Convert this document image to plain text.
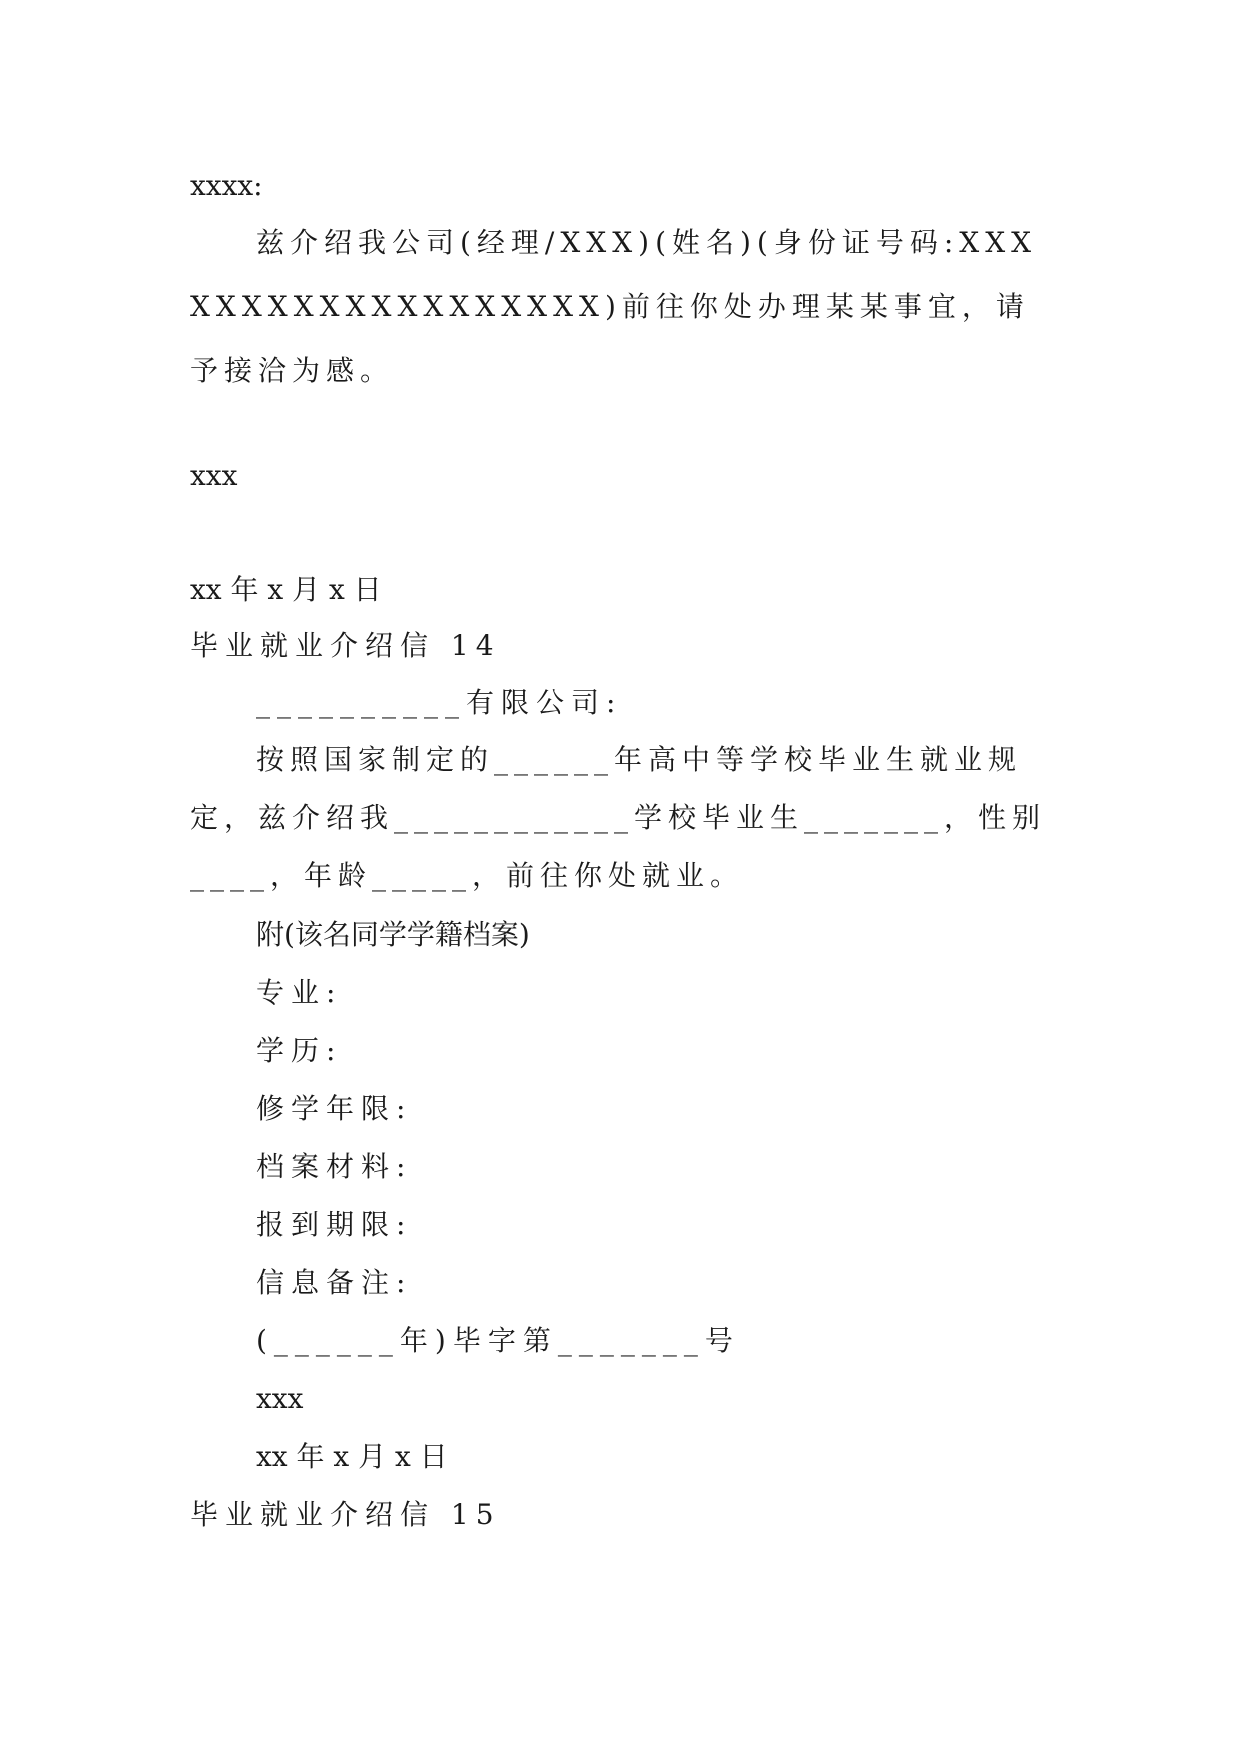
xxxx:
兹介绍我公司(经理/XXX)(姓名)(身份证号码:XXXXXXXXXXXXXXXXXXX)前往你处办理某某事宜，请予接洽为感。
xxx
xx 年 x 月 x 日
毕业就业介绍信 14
__________有限公司:
按照国家制定的______年高中等学校毕业生就业规定，兹介绍我____________学校毕业生_______，性别____，年龄_____，前往你处就业。
附(该名同学学籍档案)
专业:
学历:
修学年限:
档案材料:
报到期限:
信息备注:
(______年)毕字第_______号
xxx
xx 年 x 月 x 日
毕业就业介绍信 15
